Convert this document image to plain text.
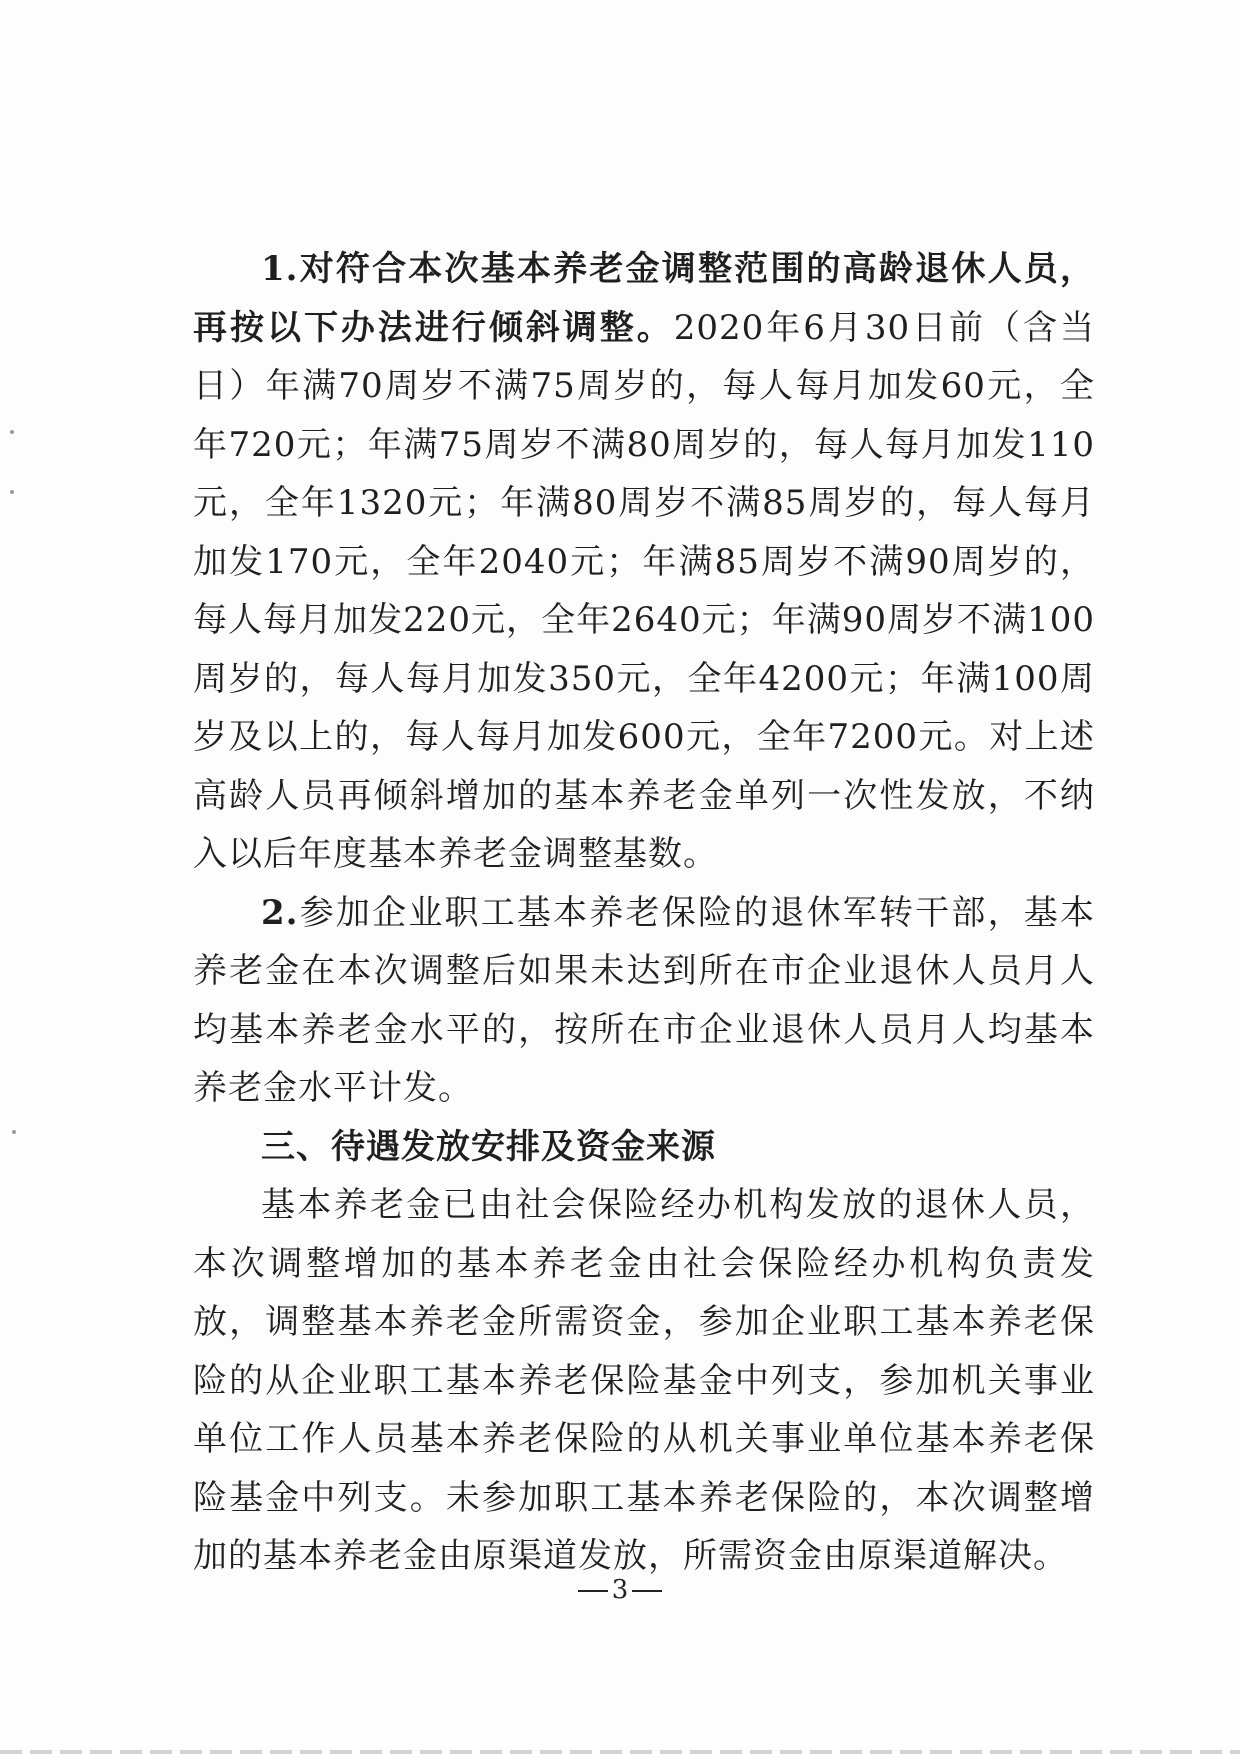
1.对符合本次基本养老金调整范围的高龄退休人员，再按以下办法进行倾斜调整。2020年6月30日前（含当日）年满70周岁不满75周岁的，每人每月加发60元，全年720元；年满75周岁不满80周岁的，每人每月加发110元，全年1320元；年满80周岁不满85周岁的，每人每月加发170元，全年2040元；年满85周岁不满90周岁的，每人每月加发220元，全年2640元；年满90周岁不满100周岁的，每人每月加发350元，全年4200元；年满100周岁及以上的，每人每月加发600元，全年7200元。对上述高龄人员再倾斜增加的基本养老金单列一次性发放，不纳入以后年度基本养老金调整基数。

2.参加企业职工基本养老保险的退休军转干部，基本养老金在本次调整后如果未达到所在市企业退休人员月人均基本养老金水平的，按所在市企业退休人员月人均基本养老金水平计发。

三、待遇发放安排及资金来源

基本养老金已由社会保险经办机构发放的退休人员，本次调整增加的基本养老金由社会保险经办机构负责发放，调整基本养老金所需资金，参加企业职工基本养老保险的从企业职工基本养老保险基金中列支，参加机关事业单位工作人员基本养老保险的从机关事业单位基本养老保险基金中列支。未参加职工基本养老保险的，本次调整增加的基本养老金由原渠道发放，所需资金由原渠道解决。

3
